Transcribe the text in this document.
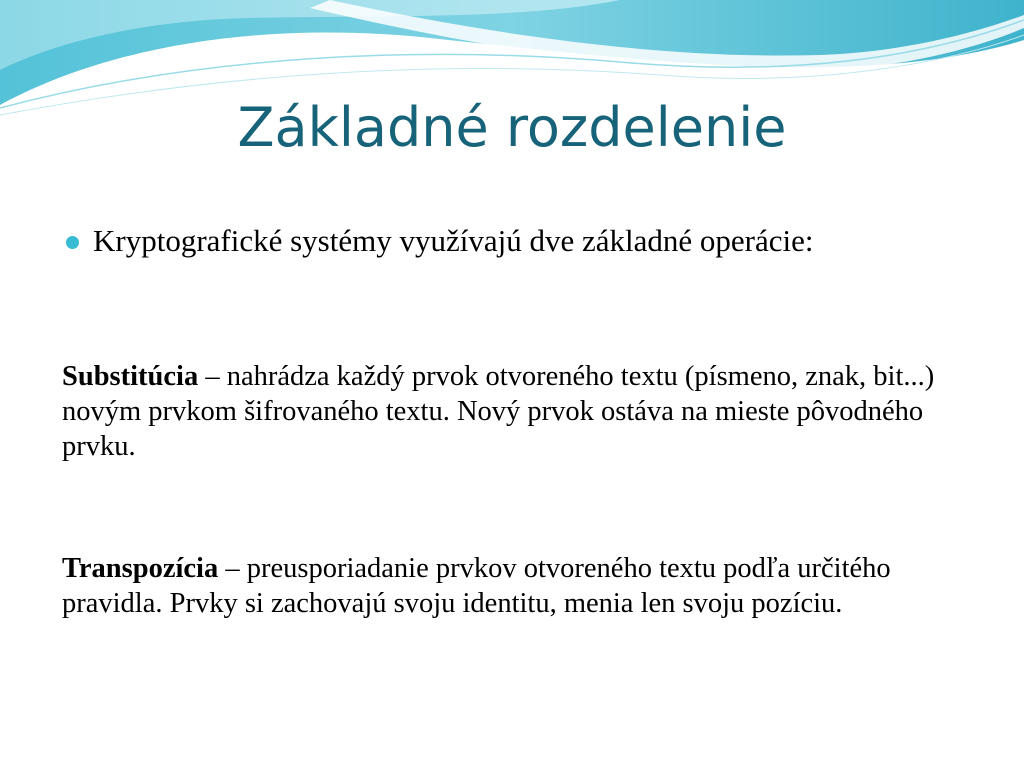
Základné rozdelenie
Kryptografické systémy využívajú dve základné operácie:

Substitúcia – nahrádza každý prvok otvoreného textu (písmeno, znak, bit...) novým prvkom šifrovaného textu. Nový prvok ostáva na mieste pôvodného prvku.

Transpozícia – preusporiadanie prvkov otvoreného textu podľa určitého pravidla. Prvky si zachovajú svoju identitu, menia len svoju pozíciu.
